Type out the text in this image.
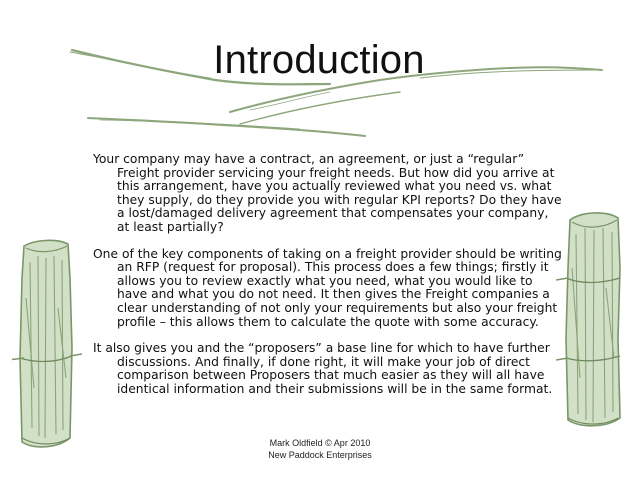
Introduction

Your company may have a contract, an agreement, or just a “regular” Freight provider servicing your freight needs. But how did you arrive at this arrangement, have you actually reviewed what you need vs. what they supply, do they provide you with regular KPI reports? Do they have a lost/damaged delivery agreement that compensates your company, at least partially?

One of the key components of taking on a freight provider should be writing an RFP (request for proposal). This process does a few things; firstly it allows you to review exactly what you need, what you would like to have and what you do not need. It then gives the Freight companies a clear understanding of not only your requirements but also your freight profile – this allows them to calculate the quote with some accuracy.

It also gives you and the “proposers” a base line for which to have further discussions. And finally, if done right, it will make your job of direct comparison between Proposers that much easier as they will all have identical information and their submissions will be in the same format.

Mark Oldfield © Apr 2010
New Paddock Enterprises
